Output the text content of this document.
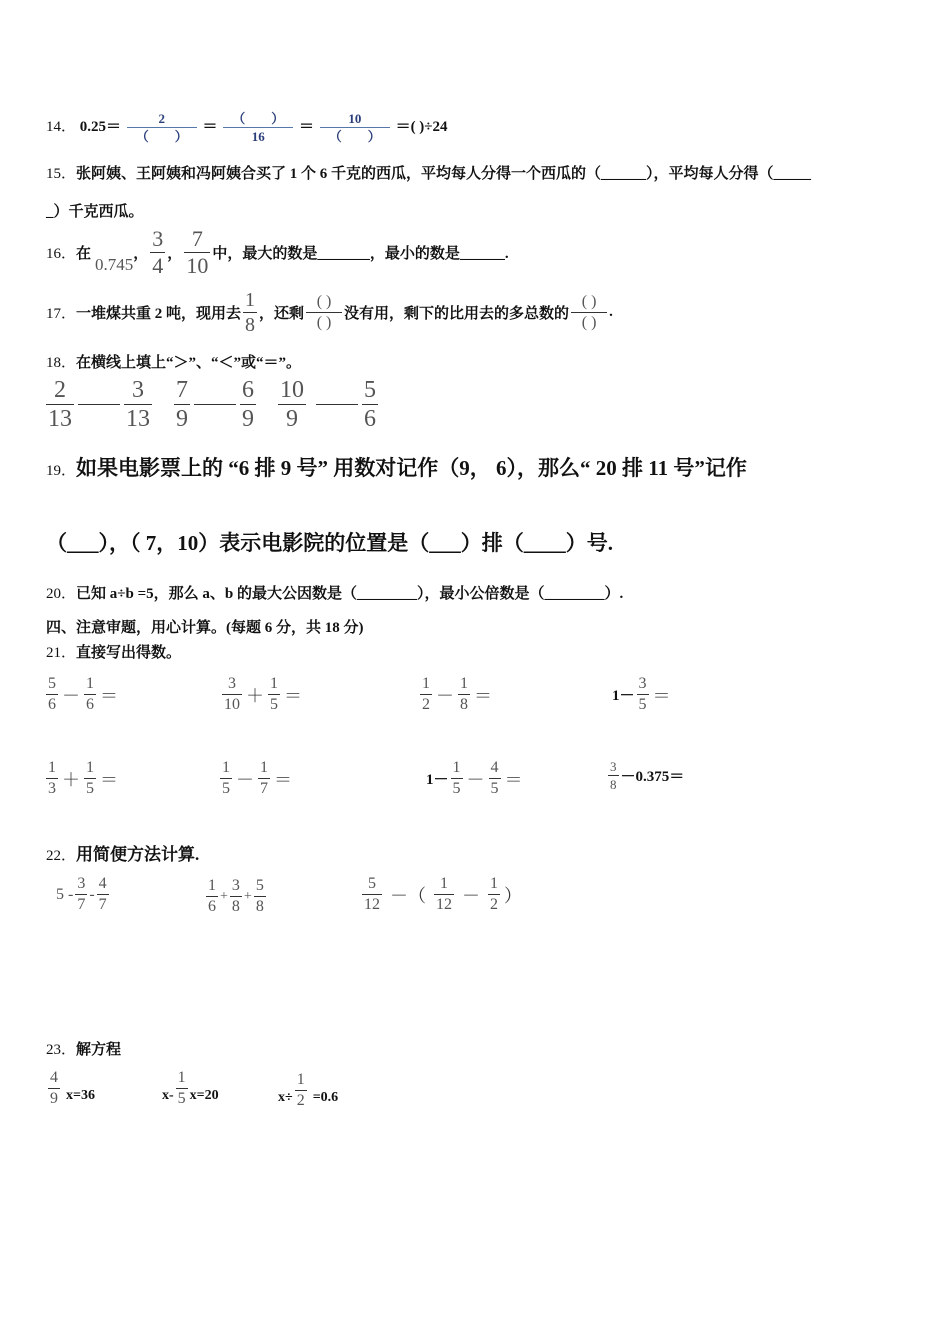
14． $0.25= \frac{2}{( )} = \frac{( )}{16} = \frac{10}{( )}$ ＝( )÷24
15．张阿姨、王阿姨和冯阿姨合买了 1 个 6 千克的西瓜，平均每人分得一个西瓜的（______），平均每人分得（_____
_）千克西瓜。
16． 在
0.745
， $\frac{3}{4}$ ， $\frac{7}{10}$ 中，最大的数是_______，最小的数是______.
17． 一堆煤共重 2 吨，现用去 $\frac{1}{8}$ ，还剩 $\frac{( )}{( )}$ 没有用，剩下的比用去的多总数的 $\frac{( )}{( )}$ .
18．在横线上填上“＞”、“＜”或“＝”。
$\frac{2}{13} \frac{3}{13} \frac{7}{9} \frac{6}{9} \frac{10}{9} \frac{5}{6}$
19．如果电影票上的 “6 排 9 号” 用数对记作（9， 6），那么“ 20 排 11 号”记作
（___），（ 7，10）表示电影院的位置是（___）排（____）号.
20．已知 a÷b =5，那么 a、b 的最大公因数是（________），最小公倍数是（________）.
四、注意审题，用心计算。(每题 6 分，共 18 分)
21．直接写出得数。
$\frac{5}{6} - \frac{1}{6}$ ＝	$\frac{3}{10} + \frac{1}{5}$ ＝	$\frac{1}{2} - \frac{1}{8}$ ＝	$1- \frac{3}{5}$ ＝
$\frac{1}{3} + \frac{1}{5}$ ＝	$\frac{1}{5} - \frac{1}{7}$ ＝	$1- \frac{1}{5} - \frac{4}{5}$ ＝	$\frac{3}{8} -0.375=$
22．用简便方法计算.
$5 - \frac{3}{7} - \frac{4}{7}$	$\frac{1}{6} + \frac{3}{8} + \frac{5}{8}$	$\frac{5}{12}$ －（ $\frac{1}{12} - \frac{1}{2}$ ）
23．解方程
$\frac{4}{9} x=36$	$x- \frac{1}{5} x=20$	$x\div \frac{1}{2} =0.6$
